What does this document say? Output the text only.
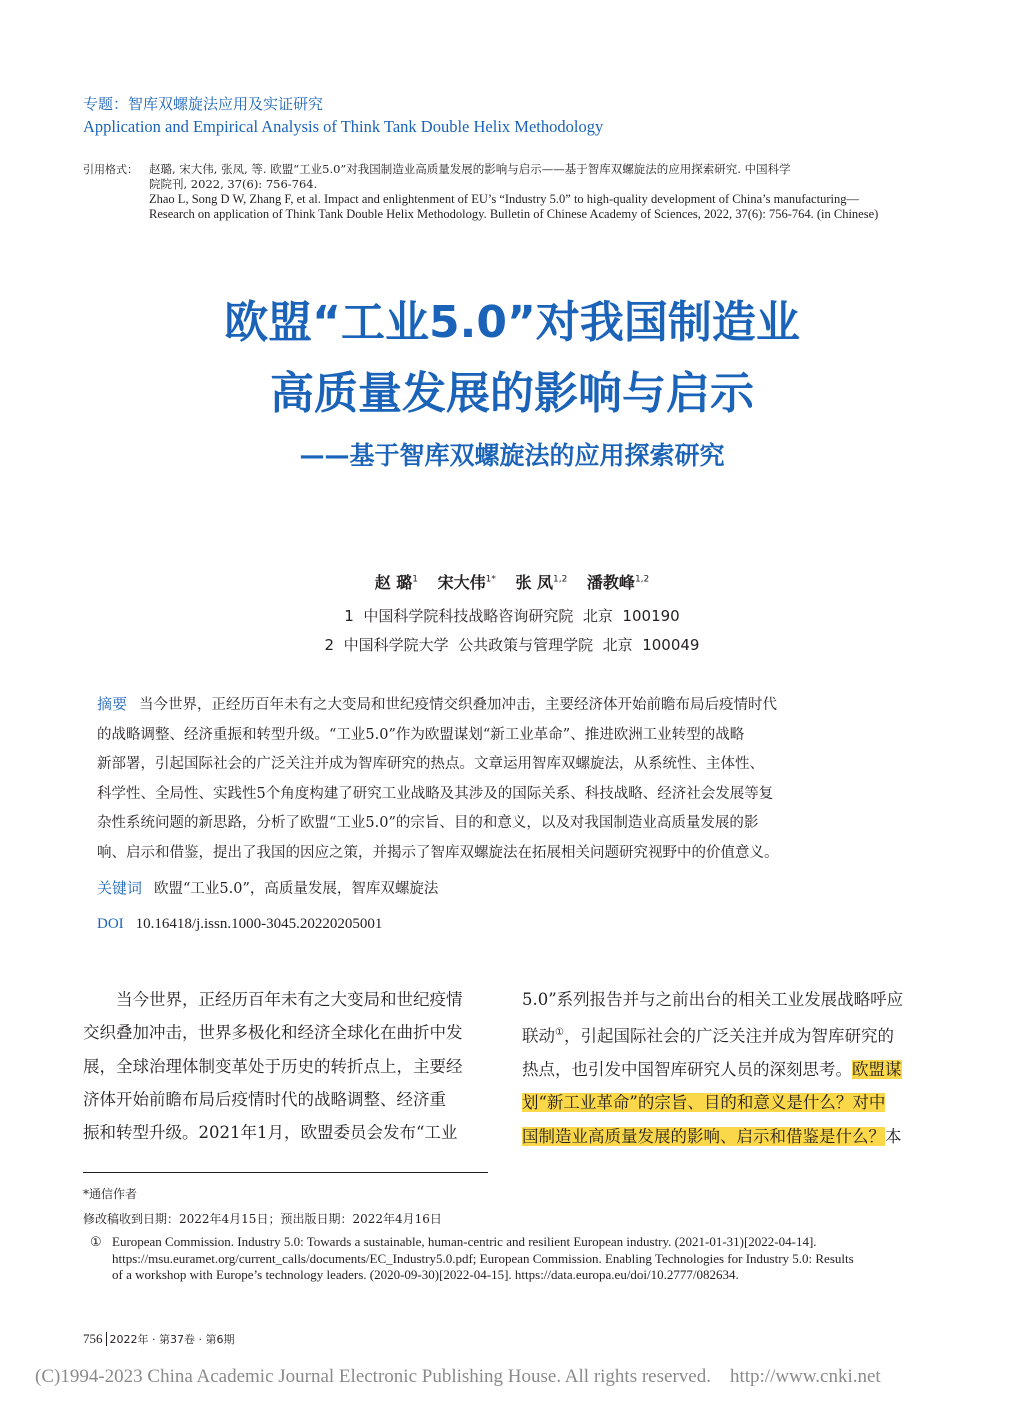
专题：智库双螺旋法应用及实证研究
Application and Empirical Analysis of Think Tank Double Helix Methodology
引用格式： 赵璐, 宋大伟, 张凤, 等. 欧盟“工业5.0”对我国制造业高质量发展的影响与启示——基于智库双螺旋法的应用探索研究. 中国科学
院院刊, 2022, 37(6): 756-764.
Zhao L, Song D W, Zhang F, et al. Impact and enlightenment of EU’s “Industry 5.0” to high-quality development of China’s manufacturing—
Research on application of Think Tank Double Helix Methodology. Bulletin of Chinese Academy of Sciences, 2022, 37(6): 756-764. (in Chinese)
欧盟“工业5.0”对我国制造业
高质量发展的影响与启示
——基于智库双螺旋法的应用探索研究
赵 璐$^1$ 宋大伟$^{1*}$ 张 凤$^{1,2}$ 潘教峰$^{1,2}$
1  中国科学院科技战略咨询研究院  北京  100190
2  中国科学院大学  公共政策与管理学院  北京  100049
摘要 当今世界，正经历百年未有之大变局和世纪疫情交织叠加冲击，主要经济体开始前瞻布局后疫情时代
的战略调整、经济重振和转型升级。“工业5.0”作为欧盟谋划“新工业革命”、推进欧洲工业转型的战略
新部署，引起国际社会的广泛关注并成为智库研究的热点。文章运用智库双螺旋法，从系统性、主体性、
科学性、全局性、实践性5个角度构建了研究工业战略及其涉及的国际关系、科技战略、经济社会发展等复
杂性系统问题的新思路，分析了欧盟“工业5.0”的宗旨、目的和意义，以及对我国制造业高质量发展的影
响、启示和借鉴，提出了我国的因应之策，并揭示了智库双螺旋法在拓展相关问题研究视野中的价值意义。
关键词 欧盟“工业5.0”，高质量发展，智库双螺旋法
DOI 10.16418/j.issn.1000-3045.20220205001
当今世界，正经历百年未有之大变局和世纪疫情
交织叠加冲击，世界多极化和经济全球化在曲折中发
展，全球治理体制变革处于历史的转折点上，主要经
济体开始前瞻布局后疫情时代的战略调整、经济重
振和转型升级。2021年1月，欧盟委员会发布“工业
5.0”系列报告并与之前出台的相关工业发展战略呼应
联动①，引起国际社会的广泛关注并成为智库研究的
热点，也引发中国智库研究人员的深刻思考。欧盟谋
划“新工业革命”的宗旨、目的和意义是什么？对中
国制造业高质量发展的影响、启示和借鉴是什么？本
*通信作者
修改稿收到日期：2022年4月15日；预出版日期：2022年4月16日
① European Commission. Industry 5.0: Towards a sustainable, human-centric and resilient European industry. (2021-01-31)[2022-04-14].
https://msu.euramet.org/current_calls/documents/EC_Industry5.0.pdf; European Commission. Enabling Technologies for Industry 5.0: Results
of a workshop with Europe’s technology leaders. (2020-09-30)[2022-04-15]. https://data.europa.eu/doi/10.2777/082634.
756 2022年 · 第37卷 · 第6期
(C)1994-2023 China Academic Journal Electronic Publishing House. All rights reserved.    http://www.cnki.net
